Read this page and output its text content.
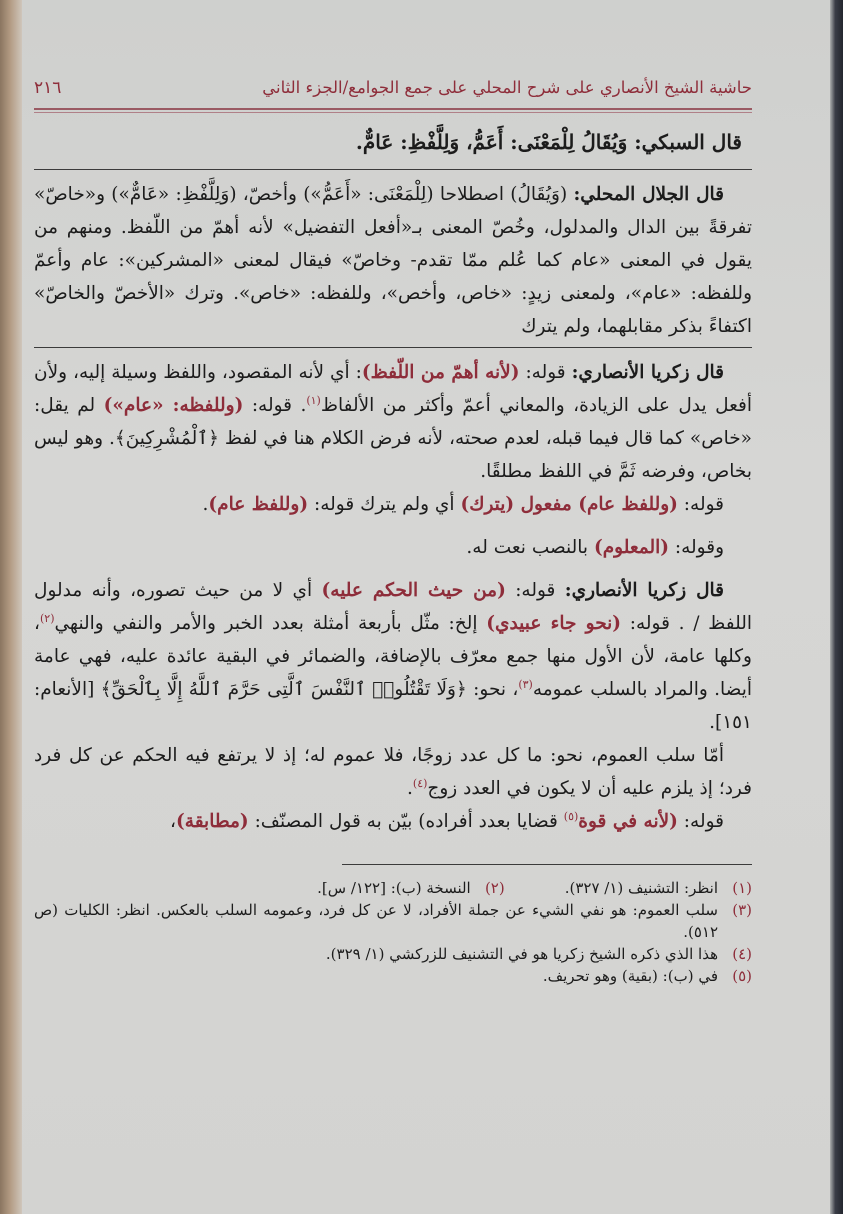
حاشية الشيخ الأنصاري على شرح المحلي على جمع الجوامع/الجزء الثاني
٢١٦
قال السبكي: وَيُقَالُ لِلْمَعْنَى: أَعَمُّ، وَلِلَّفْظِ: عَامٌّ.

قال الجلال المحلي: (وَيُقَالُ) اصطلاحا (لِلْمَعْنَى: «أَعَمُّ») وأخصّ، (وَلِلَّفْظِ: «عَامٌّ») و«خاصّ» تفرقةً بين الدال والمدلول، وخُصّ المعنى بـ«أفعل التفضيل» لأنه أهمّ من اللّفظ. ومنهم من يقول في المعنى «عام كما عُلم ممّا تقدم- وخاصّ» فيقال لمعنى «المشركين»: عام وأعمّ وللفظه: «عام»، ولمعنى زيدٍ: «خاص، وأخص»، وللفظه: «خاص». وترك «الأخصّ والخاصّ» اكتفاءً بذكر مقابلهما، ولم يترك

قال زكريا الأنصاري: قوله: (لأنه أهمّ من اللّفظ): أي لأنه المقصود، واللفظ وسيلة إليه، ولأن أفعل يدل على الزيادة، والمعاني أعمّ وأكثر من الألفاظ$^{(١)}$. قوله: (وللفظه: «عام») لم يقل: «خاص» كما قال فيما قبله، لعدم صحته، لأنه فرض الكلام هنا في لفظ ﴿ٱلْمُشْرِكِينَ﴾. وهو ليس بخاص، وفرضه ثَمَّ في اللفظ مطلقًا.

قوله: (وللفظ عام) مفعول (يترك) أي ولم يترك قوله: (وللفظ عام).

وقوله: (المعلوم) بالنصب نعت له.

قال زكريا الأنصاري: قوله: (من حيث الحكم عليه) أي لا من حيث تصوره، وأنه مدلول اللفظ / . قوله: (نحو جاء عبيدي) إلخ: مثّل بأربعة أمثلة بعدد الخبر والأمر والنفي والنهي$^{(٢)}$، وكلها عامة، لأن الأول منها جمع معرّف بالإضافة، والضمائر في البقية عائدة عليه، فهي عامة أيضا. والمراد بالسلب عمومه$^{(٣)}$، نحو: ﴿وَلَا تَقْتُلُوا۟ ٱلنَّفْسَ ٱلَّتِى حَرَّمَ ٱللَّهُ إِلَّا بِٱلْحَقِّ﴾ [الأنعام: ١٥١].

أمّا سلب العموم، نحو: ما كل عدد زوجًا، فلا عموم له؛ إذ لا يرتفع فيه الحكم عن كل فرد فرد؛ إذ يلزم عليه أن لا يكون في العدد زوج$^{(٤)}$.

قوله: (لأنه في قوة$^{(٥)}$ قضايا بعدد أفراده) بيّن به قول المصنّف: (مطابقة)،

(١)
انظر: التشنيف (١/ ٣٢٧).
(٢)
النسخة (ب): [١٢٢/ س].
(٣)
سلب العموم: هو نفي الشيء عن جملة الأفراد، لا عن كل فرد، وعمومه السلب بالعكس. انظر: الكليات (ص ٥١٢).
(٤)
هذا الذي ذكره الشيخ زكريا هو في التشنيف للزركشي (١/ ٣٢٩).
(٥)
في (ب): (بقية) وهو تحريف.
